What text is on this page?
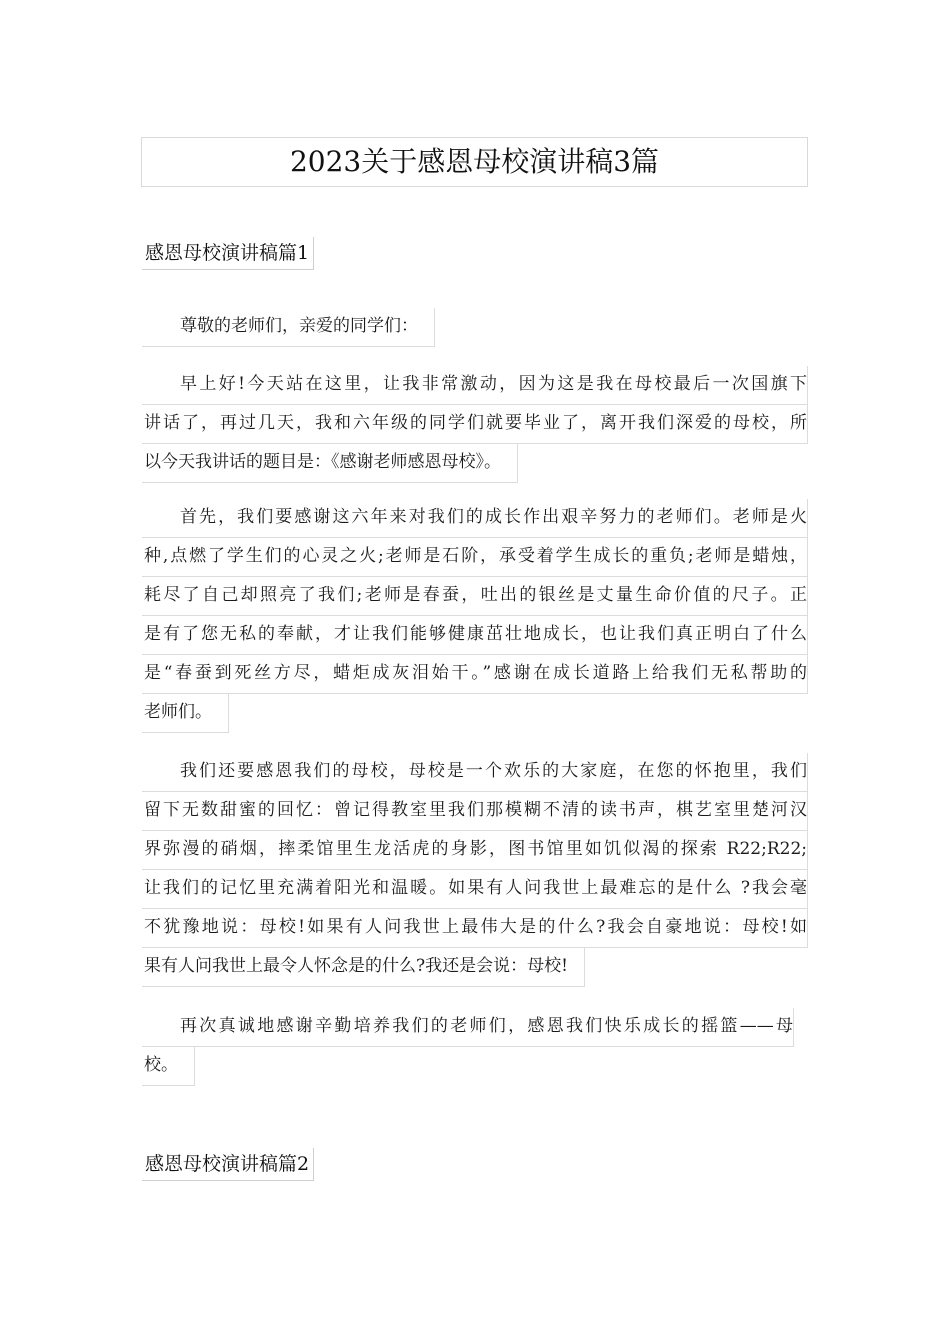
2023关于感恩母校演讲稿3篇
感恩母校演讲稿篇1
尊敬的老师们，亲爱的同学们：
早上好!今天站在这里，让我非常激动，因为这是我在母校最后一次国旗下
讲话了，再过几天，我和六年级的同学们就要毕业了，离开我们深爱的母校，所
以今天我讲话的题目是：《感谢老师感恩母校》。
首先，我们要感谢这六年来对我们的成长作出艰辛努力的老师们。老师是火
种,点燃了学生们的心灵之火;老师是石阶，承受着学生成长的重负;老师是蜡烛，
耗尽了自己却照亮了我们;老师是春蚕，吐出的银丝是丈量生命价值的尺子。正
是有了您无私的奉献，才让我们能够健康茁壮地成长，也让我们真正明白了什么
是“春蚕到死丝方尽，蜡炬成灰泪始干。”感谢在成长道路上给我们无私帮助的
老师们。
我们还要感恩我们的母校，母校是一个欢乐的大家庭，在您的怀抱里，我们
留下无数甜蜜的回忆：曾记得教室里我们那模糊不清的读书声，棋艺室里楚河汉
界弥漫的硝烟，摔柔馆里生龙活虎的身影，图书馆里如饥似渴的探索 R22;R22;
让我们的记忆里充满着阳光和温暖。如果有人问我世上最难忘的是什么 ?我会毫
不犹豫地说：母校!如果有人问我世上最伟大是的什么?我会自豪地说：母校!如
果有人问我世上最令人怀念是的什么?我还是会说：母校!
再次真诚地感谢辛勤培养我们的老师们，感恩我们快乐成长的摇篮——母
校。
感恩母校演讲稿篇2
